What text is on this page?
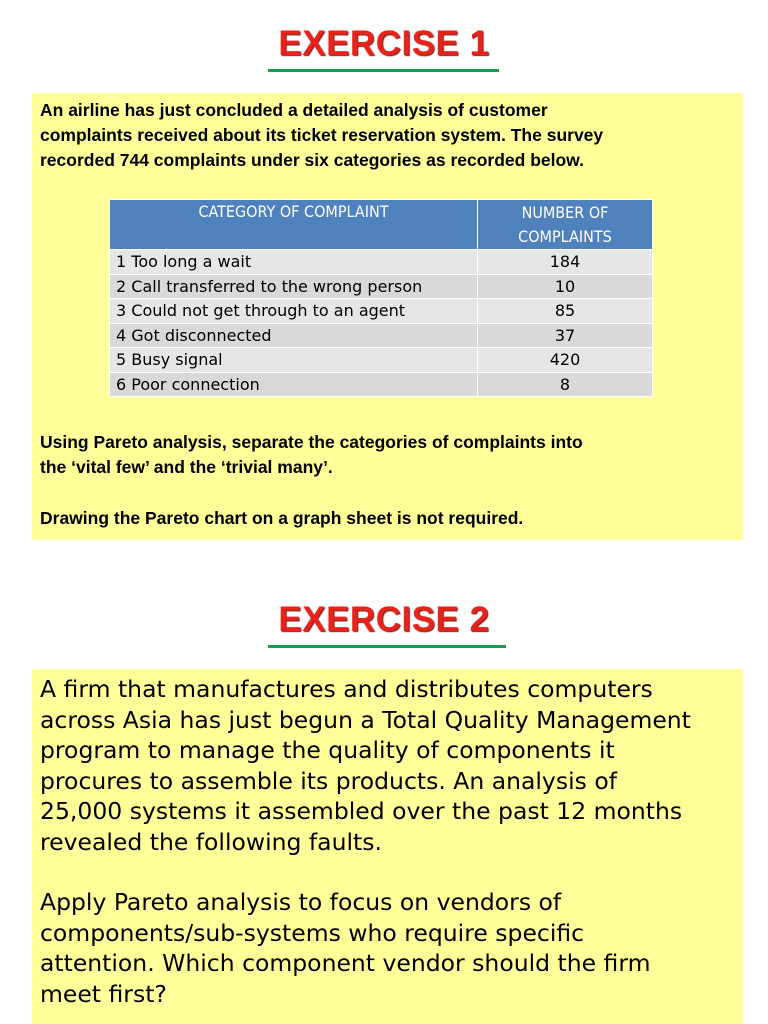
EXERCISE 1
An airline has just concluded a detailed analysis of customer
complaints received about its ticket reservation system. The survey
recorded 744 complaints under six categories as recorded below.
Using Pareto analysis, separate the categories of complaints into
the ‘vital few’ and the ‘trivial many’.
Drawing the Pareto chart on a graph sheet is not required.
CATEGORY OF COMPLAINT	NUMBER OF COMPLAINTS
1 Too long a wait	184
2 Call transferred to the wrong person	10
3 Could not get through to an agent	85
4 Got disconnected	37
5 Busy signal	420
6 Poor connection	8
EXERCISE 2
A firm that manufactures and distributes computers
across Asia has just begun a Total Quality Management
program to manage the quality of components it
procures to assemble its products. An analysis of
25,000 systems it assembled over the past 12 months
revealed the following faults.
Apply Pareto analysis to focus on vendors of
components/sub-systems who require specific
attention. Which component vendor should the firm
meet first?
